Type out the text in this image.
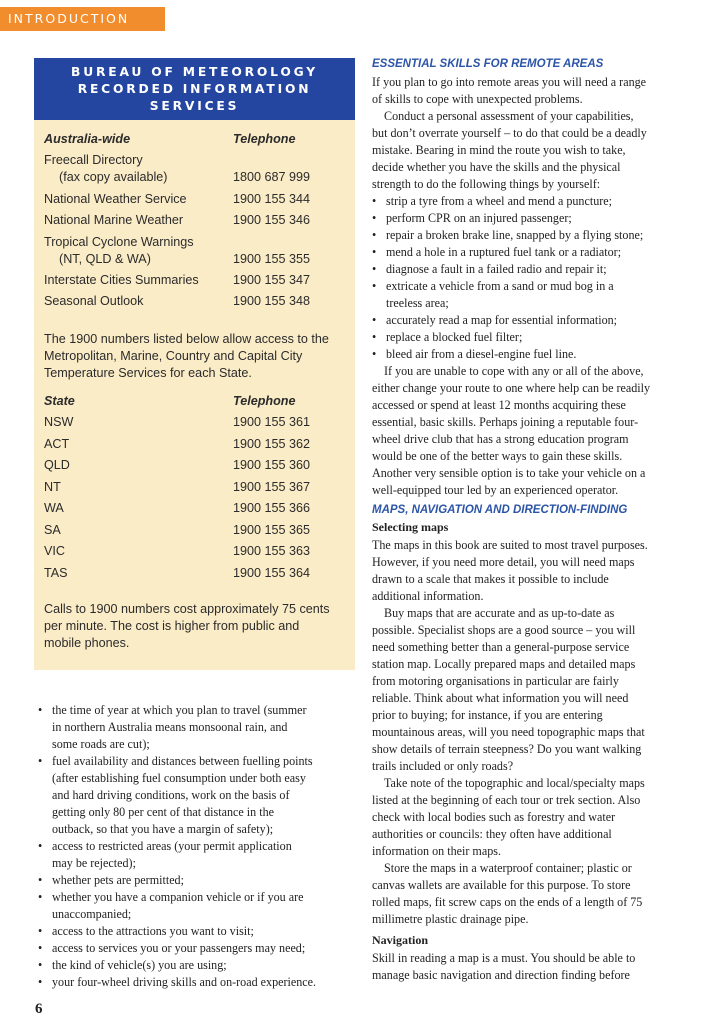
INTRODUCTION
BUREAU OF METEOROLOGY
RECORDED INFORMATION
SERVICES
Australia-wide	Telephone
Freecall Directory
(fax copy available)	1800 687 999
National Weather Service	1900 155 344
National Marine Weather	1900 155 346
Tropical Cyclone Warnings
(NT, QLD & WA)	1900 155 355
Interstate Cities Summaries	1900 155 347
Seasonal Outlook	1900 155 348
The 1900 numbers listed below allow access to the
Metropolitan, Marine, Country and Capital City
Temperature Services for each State.
State	Telephone
NSW	1900 155 361
ACT	1900 155 362
QLD	1900 155 360
NT	1900 155 367
WA	1900 155 366
SA	1900 155 365
VIC	1900 155 363
TAS	1900 155 364
Calls to 1900 numbers cost approximately 75 cents
per minute. The cost is higher from public and
mobile phones.
• the time of year at which you plan to travel (summer
in northern Australia means monsoonal rain, and
some roads are cut);
• fuel availability and distances between fuelling points
(after establishing fuel consumption under both easy
and hard driving conditions, work on the basis of
getting only 80 per cent of that distance in the
outback, so that you have a margin of safety);
• access to restricted areas (your permit application
may be rejected);
• whether pets are permitted;
• whether you have a companion vehicle or if you are
unaccompanied;
• access to the attractions you want to visit;
• access to services you or your passengers may need;
• the kind of vehicle(s) you are using;
• your four-wheel driving skills and on-road experience.
6
ESSENTIAL SKILLS FOR REMOTE AREAS
If you plan to go into remote areas you will need a range
of skills to cope with unexpected problems.
Conduct a personal assessment of your capabilities,
but don’t overrate yourself – to do that could be a deadly
mistake. Bearing in mind the route you wish to take,
decide whether you have the skills and the physical
strength to do the following things by yourself:
• strip a tyre from a wheel and mend a puncture;
• perform CPR on an injured passenger;
• repair a broken brake line, snapped by a flying stone;
• mend a hole in a ruptured fuel tank or a radiator;
• diagnose a fault in a failed radio and repair it;
• extricate a vehicle from a sand or mud bog in a
treeless area;
• accurately read a map for essential information;
• replace a blocked fuel filter;
• bleed air from a diesel-engine fuel line.
If you are unable to cope with any or all of the above,
either change your route to one where help can be readily
accessed or spend at least 12 months acquiring these
essential, basic skills. Perhaps joining a reputable four-
wheel drive club that has a strong education program
would be one of the better ways to gain these skills.
Another very sensible option is to take your vehicle on a
well-equipped tour led by an experienced operator.
MAPS, NAVIGATION AND DIRECTION-FINDING
Selecting maps
The maps in this book are suited to most travel purposes.
However, if you need more detail, you will need maps
drawn to a scale that makes it possible to include
additional information.
Buy maps that are accurate and as up-to-date as
possible. Specialist shops are a good source – you will
need something better than a general-purpose service
station map. Locally prepared maps and detailed maps
from motoring organisations in particular are fairly
reliable. Think about what information you will need
prior to buying; for instance, if you are entering
mountainous areas, will you need topographic maps that
show details of terrain steepness? Do you want walking
trails included or only roads?
Take note of the topographic and local/specialty maps
listed at the beginning of each tour or trek section. Also
check with local bodies such as forestry and water
authorities or councils: they often have additional
information on their maps.
Store the maps in a waterproof container; plastic or
canvas wallets are available for this purpose. To store
rolled maps, fit screw caps on the ends of a length of 75
millimetre plastic drainage pipe.
Navigation
Skill in reading a map is a must. You should be able to
manage basic navigation and direction finding before
